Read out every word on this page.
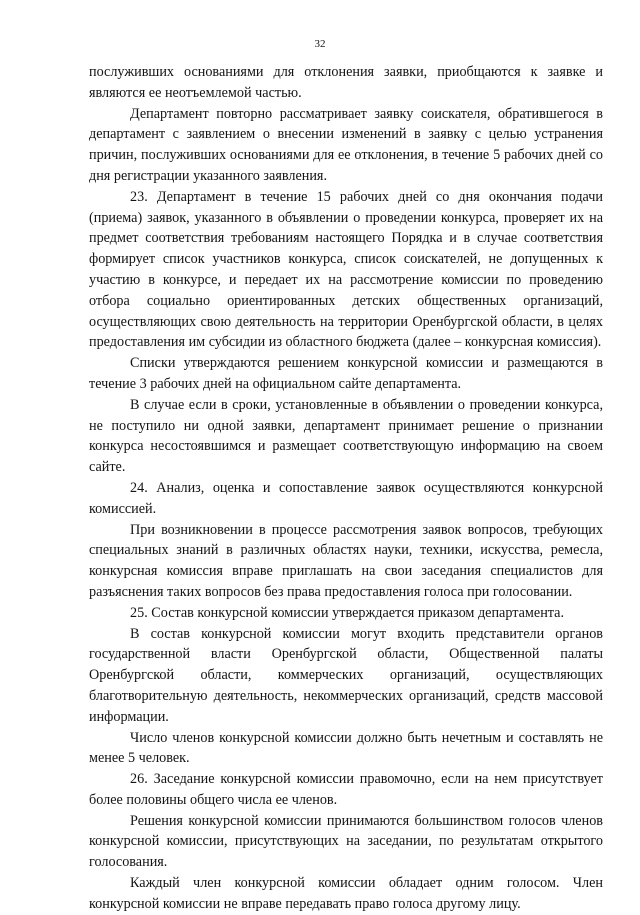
32

послуживших основаниями для отклонения заявки, приобщаются к заявке и являются ее неотъемлемой частью.

Департамент повторно рассматривает заявку соискателя, обратившегося в департамент с заявлением о внесении изменений в заявку с целью устранения причин, послуживших основаниями для ее отклонения, в течение 5 рабочих дней со дня регистрации указанного заявления.

23. Департамент в течение 15 рабочих дней со дня окончания подачи (приема) заявок, указанного в объявлении о проведении конкурса, проверяет их на предмет соответствия требованиям настоящего Порядка и в случае соответствия формирует список участников конкурса, список соискателей, не допущенных к участию в конкурсе, и передает их на рассмотрение комиссии по проведению отбора социально ориентированных детских общественных организаций, осуществляющих свою деятельность на территории Оренбургской области, в целях предоставления им субсидии из областного бюджета (далее – конкурсная комиссия).

Списки утверждаются решением конкурсной комиссии и размещаются в течение 3 рабочих дней на официальном сайте департамента.

В случае если в сроки, установленные в объявлении о проведении конкурса, не поступило ни одной заявки, департамент принимает решение о признании конкурса несостоявшимся и размещает соответствующую информацию на своем сайте.

24. Анализ, оценка и сопоставление заявок осуществляются конкурсной комиссией.

При возникновении в процессе рассмотрения заявок вопросов, требующих специальных знаний в различных областях науки, техники, искусства, ремесла, конкурсная комиссия вправе приглашать на свои заседания специалистов для разъяснения таких вопросов без права предоставления голоса при голосовании.

25. Состав конкурсной комиссии утверждается приказом департамента.

В состав конкурсной комиссии могут входить представители органов государственной власти Оренбургской области, Общественной палаты Оренбургской области, коммерческих организаций, осуществляющих благотворительную деятельность, некоммерческих организаций, средств массовой информации.

Число членов конкурсной комиссии должно быть нечетным и составлять не менее 5 человек.

26. Заседание конкурсной комиссии правомочно, если на нем присутствует более половины общего числа ее членов.

Решения конкурсной комиссии принимаются большинством голосов членов конкурсной комиссии, присутствующих на заседании, по результатам открытого голосования.

Каждый член конкурсной комиссии обладает одним голосом. Член конкурсной комиссии не вправе передавать право голоса другому лицу.
